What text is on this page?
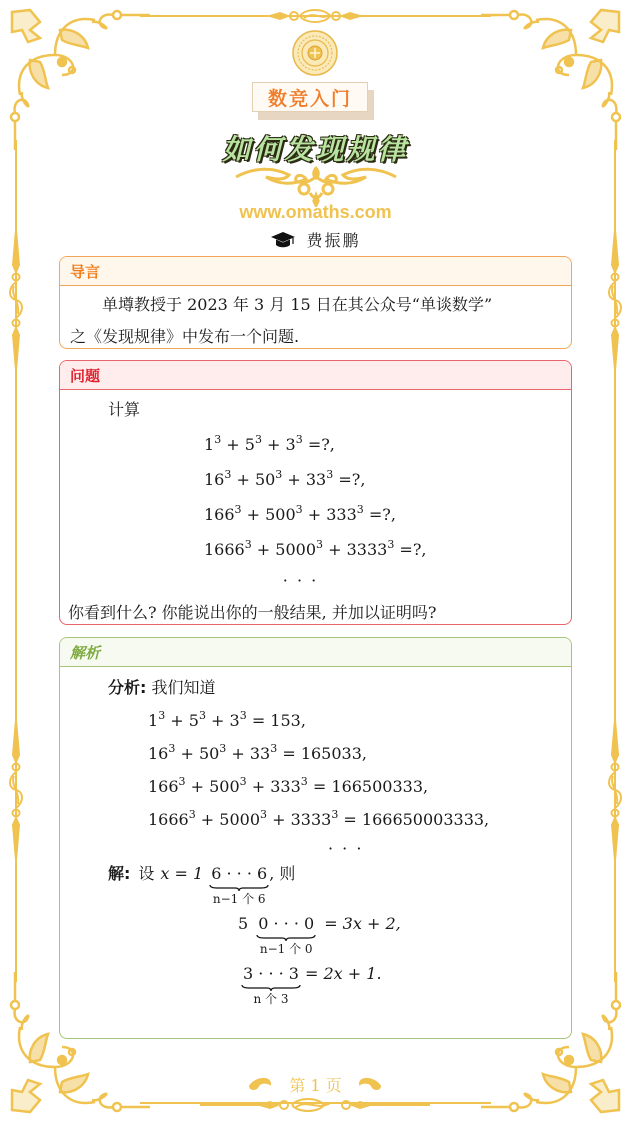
数竞入门
如何发现规律
www.omaths.com
费振鹏
导言
单墫教授于 2023 年 3 月 15 日在其公众号“单谈数学”
之《发现规律》中发布一个问题.
问题
计算
$1^3 + 5^3 + 3^3$ =?,
$16^3 + 50^3 + 33^3$ =?,
$166^3 + 500^3 + 333^3$ =?,
$1666^3 + 5000^3 + 3333^3$ =?,
· · ·
你看到什么? 你能说出你的一般结果, 并加以证明吗?
解析
分析: 我们知道
$1^3 + 5^3 + 3^3 = 153$,
$16^3 + 50^3 + 33^3 = 165033$,
$166^3 + 500^3 + 333^3 = 166500333$,
$1666^3 + 5000^3 + 3333^3 = 166650003333$,
· · ·
解: 设 x = 1 6 · · · 6
n−1 个 6
, 则
5 0 · · · 0
n−1 个 0
= 3x + 2,
3 · · · 3
n 个 3
= 2x + 1.
第 1 页
